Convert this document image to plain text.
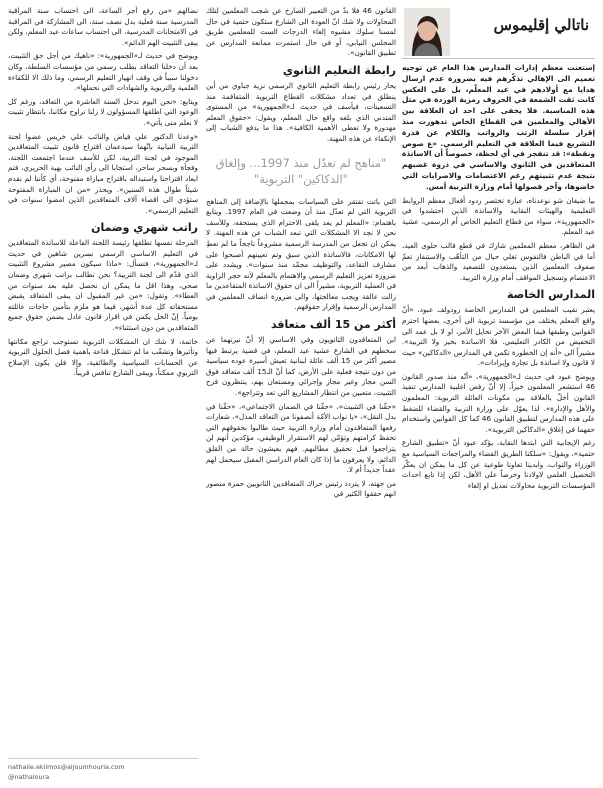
ناتالي إقليموس

إستغنت معظم إدارات المدارس هذا العام عن توجيه تعميم الى الإهالي تذكّرهم فيه بضرورة عدم ارسال هدايا مع أولادهم في عيد المعلّم، بل على العكس كانت ثقت الشمعة في الحروف رمزية الوردة في مثل هذه المناسبة. فلا يخفى على احد ان العلاقة بين الأهالي والمعلمين في القطاع الخاص تدهورت منذ إقرار سلسلة الرتب والرواتب والكلام عن قدرة التشريع فيما العلاقة في التعليم الرسمي. «ع صوص ونقطة»: قد تنفجر في أي لحظة، خصوصاً أن الاساتذة المتعاقدين في الثانوي والاساسي في ذروة غضبهم نتيجة عدم تثبيتهم رغم الاعتصامات والاضرابات التي خاضوها، وآخر فصولها أمام وزارة التربية أمس.

بيا ضيغان شو نوعدناه، عبارة تختصر ردود أفعال معظم الروابط التعليمية والهيئات النقابية والاساتذة الذين احتشدوا في «الجمهورية»، سواء من قطاع التعليم الخاص أم الرسمي، عشية عيد المعلم.

في الظاهر، معظم المعلمين شارك في قطع قالب حلوى العيد، أما في الباطن فالنفوس تغلي حيال من التأهّب والاستنفار تعمّ صفوف المعلمين الذين يستعدون للتصعيد والذهاب أبعد من الاعتصام وتسجيل المواقف أمام وزارة التربية.

المدارس الخاصة

يعتبر نقيب المعلمين في المدارس الخاصة رودولف عبود، «أنّ واقع المعلم يختلف من مؤسسة تربوية الى أخرى، بعضها احترم القوانين وطبقها فيما البعض الآخر تحايل الأمر، او لا بل عمد الى التخفيض من الكادر التعليمي. فلا الاساتذة بخير ولا التربية». مشيراً الى «أنه إن الخطورة تكمن في المدارس «الدكاكين» حيث لا قانون ولا اساتذة بل تجارة وإيرادات».

ويوضح عبود في حديث لـ«الجمهورية»، «أنّه منذ صدور القانون 46 استشعر المعلمون خيراً، إلا أنّ رفض اغلبية المدارس تنفيذ القانون أخلّ بالعلاقة بين مكونات العائلة التربوية: المعلمون والأهل والإدارة». لذا يعوّل على وزارة التربية والقضاء للضغط على هذه المدارس لتطبيق القانون 46 كما كل القوانين واستخدام حقهما في إغلاق «الدكاكين التربوية».

رغم الإيجابية التي ابتدها النقابة، يؤكد عبود أنّ «تطبيق الشارع حتمية»، ويقول: «سلكنا الطريق القضاء والمراجعات السياسية مع الوزراء والنواب، وابدينا تعاونا طوعية عن كل ما يمكن ان يعكّر التحصيل العلمي لاولادنا وحرصاً على الأهل، لكن إذا تابع احداث المؤسسات التربوية محاولات تعديل او إلغاء

القانون 46 فلا بدّ من التعبير الصارخ عن شجب المعلمين لتلك المحاولات ولا شك انّ العودة الى الشارع ستكون حتمية في حال لمسنا سلوك مشبوه إلغاء الدرجات الست للمعلمين طريق المجلس النيابي، أو في حال استمرت ممانعة المدارس عن تطبيق القانون».

رابطة التعليم الثانوي

يحار رئيس رابطة التعليم الثانوي الرسمي نزيه جباوي من أين ينطلق في تعداد مشكلات القطاع التربوية المتفاقمة منذ التسعينات، فيأسف في حديث لـ«الجمهورية» من المستوى المتدني الذي بلغه واقع حال المعلم، ويقول: «حقوق المعلم مهدورة ولا تعطى الأهمية الكافية». هذا ما يدفع الشباب إلى الإنكفاء عن هذه المهنة.

"مناهج لم تعدّل منذ 1997... وإلغاق "الدكاكين" التربوية"

التي باتت تفتقر على السياسات بمجملها بالإضافة إلى المناهج التربوية التي لم تعدّل منذ أن وضعت في العام 1997. ويتابع باهتمام: «المعلم لم يعد يلقى الاحترام الذي يستحقه، وللأسف نحن لا نجد الا المشكلات التي تبعد الشباب عن هذه المهنة. لا يمكن ان نجعل من المدرسة الرسمية مشروعاً ناجحاً ما لم نعطِ لها الامكانات، فالاساتذة الذين سبق وتم تعيينهم أصبحوا على مشارف التقاعد، والتوظيف مجمّد منذ سنوات». ويشدد على ضرورة تعزيز التعليم الرسمي والاهتمام بالمعلم لأنه حجر الزاوية في العملية التربوية، مشيراً الى ان حقوق الاساتذة المتقاعدين ما زالت عالقة ويجب معالجتها، والى ضرورة انصاف المعلمين في المدارس الرسمية وإقرار حقوقهم.

أكثر من 15 ألف متعاقد

ابن المتعاقدون الثانويون وفي الاساسي إلا أنّ نبرتهما عن سخطهم في الشارع عشية عيد المعلم، في قضية يرتبط فيها مصير أكثر من 15 ألف عائلة لبنانية تعيش أسيرة عوده سياسية من دون نتيجة فعلية على الأرض، كما أنّ الـ15 ألف متعاقد فوق السن مجاز وغير مجاز وإجرائي ومستعان بهم، ينتظرون فرح التثبيت، متعبين من انتظار المشاريع التي تعد وتتراجع».

«حقّنا في التثبيت»، «حقّنا في الضمان الاجتماعي»، «حقّنا في بدل النقل»، «يا نواب الأمّة أنصفونا من التعاقد المذل»، شعارات رفعها المتعاقدون أمام وزارة التربية حيث طالبوا بحقوقهم التي تحفظ كرامتهم وتؤمّن لهم الاستقرار الوظيفي، مؤكدين أنهم لن يتراجعوا قبل تحقيق مطالبهم. فهم يعيشون حالة من القلق الدائم، ولا يعرفون ما إذا كان العام الدراسي المقبل سيحمل لهم عقداً جديداً أم لا.

من جهته، لا يتردد رئيس حراك المتعاقدين الثانويين حمزة منصور انهم حققوا الكثير في

نضالهم «من رفع أجر الساعة، الى احتساب سنة المراقبة المدرسية سنة فعلية بدل نصف سنة، الى المشاركة في المراقبة في الامتحانات المدرسية، الى احتساب ساعات عيد المعلم، ولكن يبقى التثبيت الهم الدائم».

ويوضح في حديث لـ«الجمهورية»: «ناهيك من أجل حق التثبيت، بعد أن دخلنا التعاقد بطلب رسمي من مؤسسات السلطة، وكان دخولنا سبباً في وقف انهيار التعليم الرسمي، وما ذلك الا للكفاءة العلمية والتربوية والشهادات التي نحملها».

ويتابع: «نحن اليوم ندخل السنة العاشرة من التعاقد، ورغم كل الوعود التي اطلقها المسؤولون لا زلنا نراوح مكاننا، بانتظار تثبيت لا نعلم متى يأتي».

«وعدنا الدكتور علي فياض والنائب علي خريس عضوا لجنة التربية النيابية بانّهما سيدعمان اقتراح قانون تثبيت المتعاقدين الموجود في لجنة التربية، لكن للأسف عندما اجتمعت اللجنة، وفجأة وبسحر ساحر، استجابا الى رأي النائب بهية الحريري، فتم ابعاد اقتراحنا واستبداله باقتراح مباراة مفتوحة، أي كأننا لم نقدم شيئاً طوال هذه السنين». ويحذر «من ان المباراة المفتوحة ستؤدي الى اقصاء آلاف المتعاقدين الذين امضوا سنوات في التعليم الرسمي».

راتب شهري وضمان

المرحلة نفسها تطلقها رئيسة اللجنة الفاعلة للاساتذة المتعاقدين في التعليم الاساسي الرسمي نسرين شاهين في حديث لـ«الجمهورية»، فتسأل: «ماذا سيكون مصير مشروع التثبيت الذي قدّم الى لجنة التربية؟ نحن نطالب براتب شهري وضمان صحي، وهذا اقل ما يمكن ان نحصل عليه بعد سنوات من العطاء». وتقول: «من غير المقبول ان يبقى المتعاقد يقبض مستحقاته كل عدة أشهر، فيما هو ملزم بتأمين حاجات عائلته يومياً. إنّ الحل يكمن في اقرار قانون عادل يضمن حقوق جميع المتعاقدين من دون استثناء».

خاتمة، لا شك ان المشكلات التربوية تستوجب تراجع مكانتها وتأثيرها وتشعّب ما لم تتشكل قناعة باهمية فصل الحلول التربوية عن الحسابات السياسية والطائفية، وإلا فلن يكون الإصلاح التربوي ممكناً، ويبقى الشارع تنافس قريباً.

nathalie.eklimos@aljoumhouria.com
@nathaloura
